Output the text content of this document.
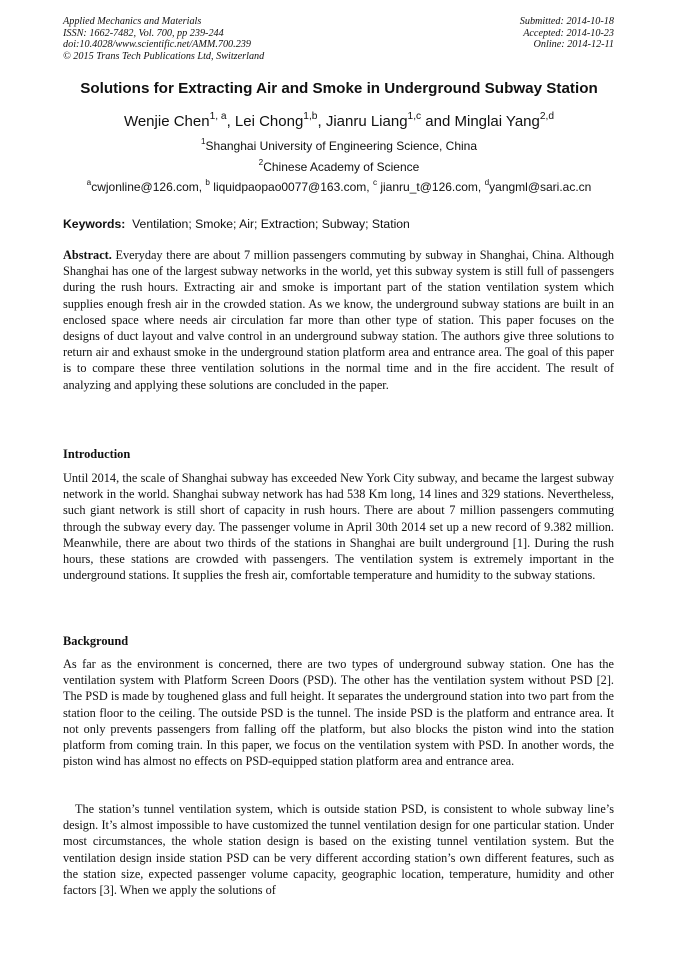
Applied Mechanics and Materials
ISSN: 1662-7482, Vol. 700, pp 239-244
doi:10.4028/www.scientific.net/AMM.700.239
© 2015 Trans Tech Publications Ltd, Switzerland
Submitted: 2014-10-18
Accepted: 2014-10-23
Online: 2014-12-11
Solutions for Extracting Air and Smoke in Underground Subway Station
Wenjie Chen$^{1, a}$, Lei Chong$^{1,b}$, Jianru Liang$^{1,c}$ and Minglai Yang$^{2,d}$
$^1$Shanghai University of Engineering Science, China
$^2$Chinese Academy of Science
$^a$cwjonline@126.com, $^b$ liquidpaopao0077@163.com, $^c$ jianru_t@126.com, $^d$yangml@sari.ac.cn
Keywords: Ventilation; Smoke; Air; Extraction; Subway; Station

Abstract. Everyday there are about 7 million passengers commuting by subway in Shanghai, China. Although Shanghai has one of the largest subway networks in the world, yet this subway system is still full of passengers during the rush hours. Extracting air and smoke is important part of the station ventilation system which supplies enough fresh air in the crowded station. As we know, the underground subway stations are built in an enclosed space where needs air circulation far more than other type of station. This paper focuses on the designs of duct layout and valve control in an underground subway station. The authors give three solutions to return air and exhaust smoke in the underground station platform area and entrance area. The goal of this paper is to compare these three ventilation solutions in the normal time and in the fire accident. The result of analyzing and applying these solutions are concluded in the paper.

Introduction

Until 2014, the scale of Shanghai subway has exceeded New York City subway, and became the largest subway network in the world. Shanghai subway network has had 538 Km long, 14 lines and 329 stations. Nevertheless, such giant network is still short of capacity in rush hours. There are about 7 million passengers commuting through the subway every day. The passenger volume in April 30th 2014 set up a new record of 9.382 million. Meanwhile, there are about two thirds of the stations in Shanghai are built underground [1]. During the rush hours, these stations are crowded with passengers. The ventilation system is extremely important in the underground stations. It supplies the fresh air, comfortable temperature and humidity to the subway stations.

Background

As far as the environment is concerned, there are two types of underground subway station. One has the ventilation system with Platform Screen Doors (PSD). The other has the ventilation system without PSD [2]. The PSD is made by toughened glass and full height. It separates the underground station into two part from the station floor to the ceiling. The outside PSD is the tunnel. The inside PSD is the platform and entrance area. It not only prevents passengers from falling off the platform, but also blocks the piston wind into the station platform from coming train. In this paper, we focus on the ventilation system with PSD. In another words, the piston wind has almost no effects on PSD-equipped station platform area and entrance area.

The station’s tunnel ventilation system, which is outside station PSD, is consistent to whole subway line’s design. It’s almost impossible to have customized the tunnel ventilation design for one particular station. Under most circumstances, the whole station design is based on the existing tunnel ventilation system. But the ventilation design inside station PSD can be very different according station’s own different features, such as the station size, expected passenger volume capacity, geographic location, temperature, humidity and other factors [3]. When we apply the solutions of
